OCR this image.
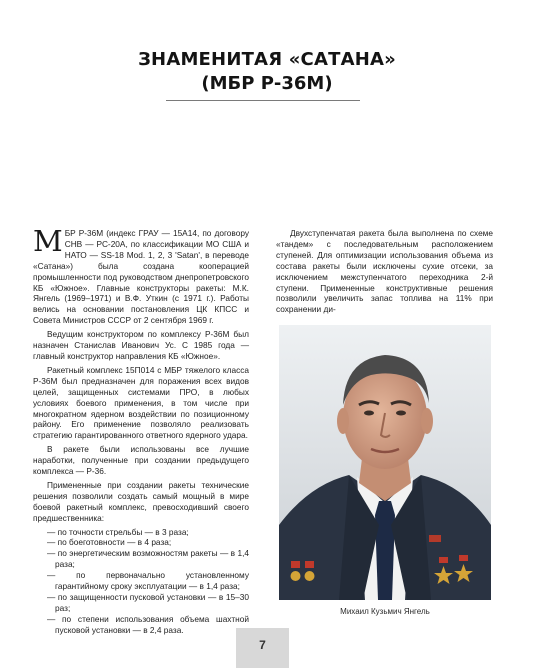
ЗНАМЕНИТАЯ «САТАНА»
(МБР Р-36М)

МБР Р-36М (индекс ГРАУ — 15А14, по договору СНВ — РС-20А, по классификации МО США и НАТО — SS-18 Mod. 1, 2, 3 'Satan', в переводе «Сатана») была создана кооперацией промышленности под руководством днепропетровского КБ «Южное». Главные конструкторы ракеты: М.К. Янгель (1969–1971) и В.Ф. Уткин (с 1971 г.). Работы велись на основании постановления ЦК КПСС и Совета Министров СССР от 2 сентября 1969 г.

Ведущим конструктором по комплексу Р-36М был назначен Станислав Иванович Ус. С 1985 года — главный конструктор направления КБ «Южное».

Ракетный комплекс 15П014 с МБР тяжелого класса Р-36М был предназначен для поражения всех видов целей, защищенных системами ПРО, в любых условиях боевого применения, в том числе при многократном ядерном воздействии по позиционному району. Его применение позволяло реализовать стратегию гарантированного ответного ядерного удара.

В ракете были использованы все лучшие наработки, полученные при создании предыдущего комплекса — Р-36.

Примененные при создании ракеты технические решения позволили создать самый мощный в мире боевой ракетный комплекс, превосходивший своего предшественника:

— по точности стрельбы — в 3 раза;
— по боеготовности — в 4 раза;
— по энергетическим возможностям ракеты — в 1,4 раза;
— по первоначально установленному гарантийному сроку эксплуатации — в 1,4 раза;
— по защищенности пусковой установки — в 15–30 раз;
— по степени использования объема шахтной пусковой установки — в 2,4 раза.

Двухступенчатая ракета была выполнена по схеме «тандем» с последовательным расположением ступеней. Для оптимизации использования объема из состава ракеты были исключены сухие отсеки, за исключением межступенчатого переходника 2-й ступени. Примененные конструктивные решения позволили увеличить запас топлива на 11% при сохранении ди-

Михаил Кузьмич Янгель
7
